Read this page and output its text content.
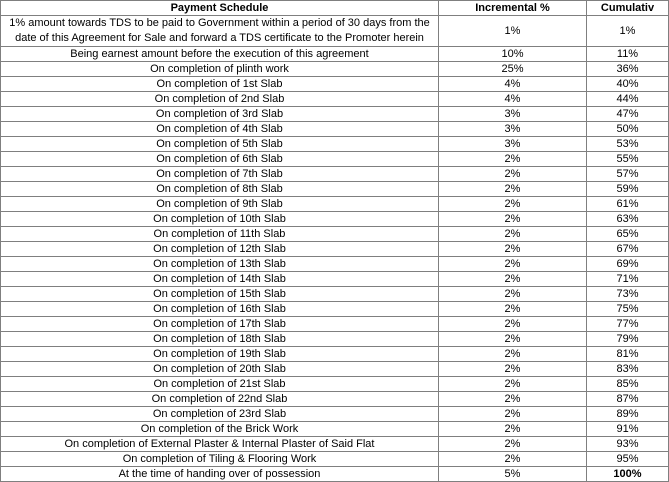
Payment Schedule	Incremental %	Cumulativ
1% amount towards TDS to be paid to Government within a period of 30 days from the date of this Agreement for Sale and forward a TDS certificate to the Promoter herein	1%	1%
Being earnest amount before the execution of this agreement	10%	11%
On completion of plinth work	25%	36%
On completion of 1st Slab	4%	40%
On completion of 2nd Slab	4%	44%
On completion of 3rd Slab	3%	47%
On completion of 4th Slab	3%	50%
On completion of 5th Slab	3%	53%
On completion of 6th Slab	2%	55%
On completion of 7th Slab	2%	57%
On completion of 8th Slab	2%	59%
On completion of 9th Slab	2%	61%
On completion of 10th Slab	2%	63%
On completion of 11th Slab	2%	65%
On completion of 12th Slab	2%	67%
On completion of 13th Slab	2%	69%
On completion of 14th Slab	2%	71%
On completion of 15th Slab	2%	73%
On completion of 16th Slab	2%	75%
On completion of 17th Slab	2%	77%
On completion of 18th Slab	2%	79%
On completion of 19th Slab	2%	81%
On completion of 20th Slab	2%	83%
On completion of 21st Slab	2%	85%
On completion of 22nd Slab	2%	87%
On completion of 23rd Slab	2%	89%
On completion of the Brick Work	2%	91%
On completion of External Plaster & Internal Plaster of Said Flat	2%	93%
On completion of Tiling & Flooring Work	2%	95%
At the time of handing over of possession	5%	100%
